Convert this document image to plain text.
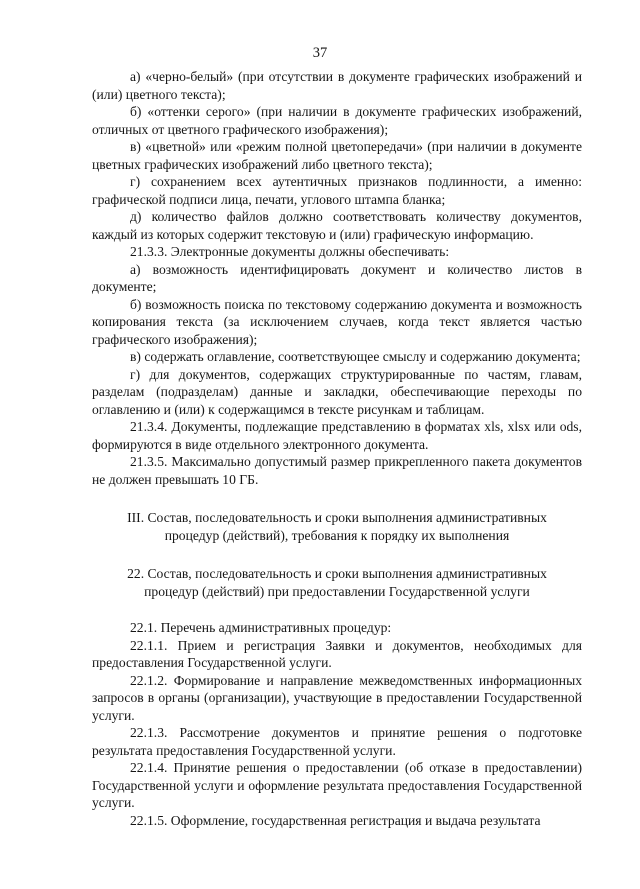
37

а) «черно-белый» (при отсутствии в документе графических изображений и (или) цветного текста);

б) «оттенки серого» (при наличии в документе графических изображений, отличных от цветного графического изображения);

в) «цветной» или «режим полной цветопередачи» (при наличии в документе цветных графических изображений либо цветного текста);

г) сохранением всех аутентичных признаков подлинности, а именно: графической подписи лица, печати, углового штампа бланка;

д) количество файлов должно соответствовать количеству документов, каждый из которых содержит текстовую и (или) графическую информацию.

21.3.3. Электронные документы должны обеспечивать:

а) возможность идентифицировать документ и количество листов в документе;

б) возможность поиска по текстовому содержанию документа и возможность копирования текста (за исключением случаев, когда текст является частью графического изображения);

в) содержать оглавление, соответствующее смыслу и содержанию документа;

г) для документов, содержащих структурированные по частям, главам, разделам (подразделам) данные и закладки, обеспечивающие переходы по оглавлению и (или) к содержащимся в тексте рисункам и таблицам.

21.3.4. Документы, подлежащие представлению в форматах xls, xlsx или ods, формируются в виде отдельного электронного документа.

21.3.5. Максимально допустимый размер прикрепленного пакета документов не должен превышать 10 ГБ.

III. Состав, последовательность и сроки выполнения административных процедур (действий), требования к порядку их выполнения

22. Состав, последовательность и сроки выполнения административных процедур (действий) при предоставлении Государственной услуги

22.1. Перечень административных процедур:

22.1.1. Прием и регистрация Заявки и документов, необходимых для предоставления Государственной услуги.

22.1.2. Формирование и направление межведомственных информационных запросов в органы (организации), участвующие в предоставлении Государственной услуги.

22.1.3. Рассмотрение документов и принятие решения о подготовке результата предоставления Государственной услуги.

22.1.4. Принятие решения о предоставлении (об отказе в предоставлении) Государственной услуги и оформление результата предоставления Государственной услуги.

22.1.5. Оформление, государственная регистрация и выдача результата
